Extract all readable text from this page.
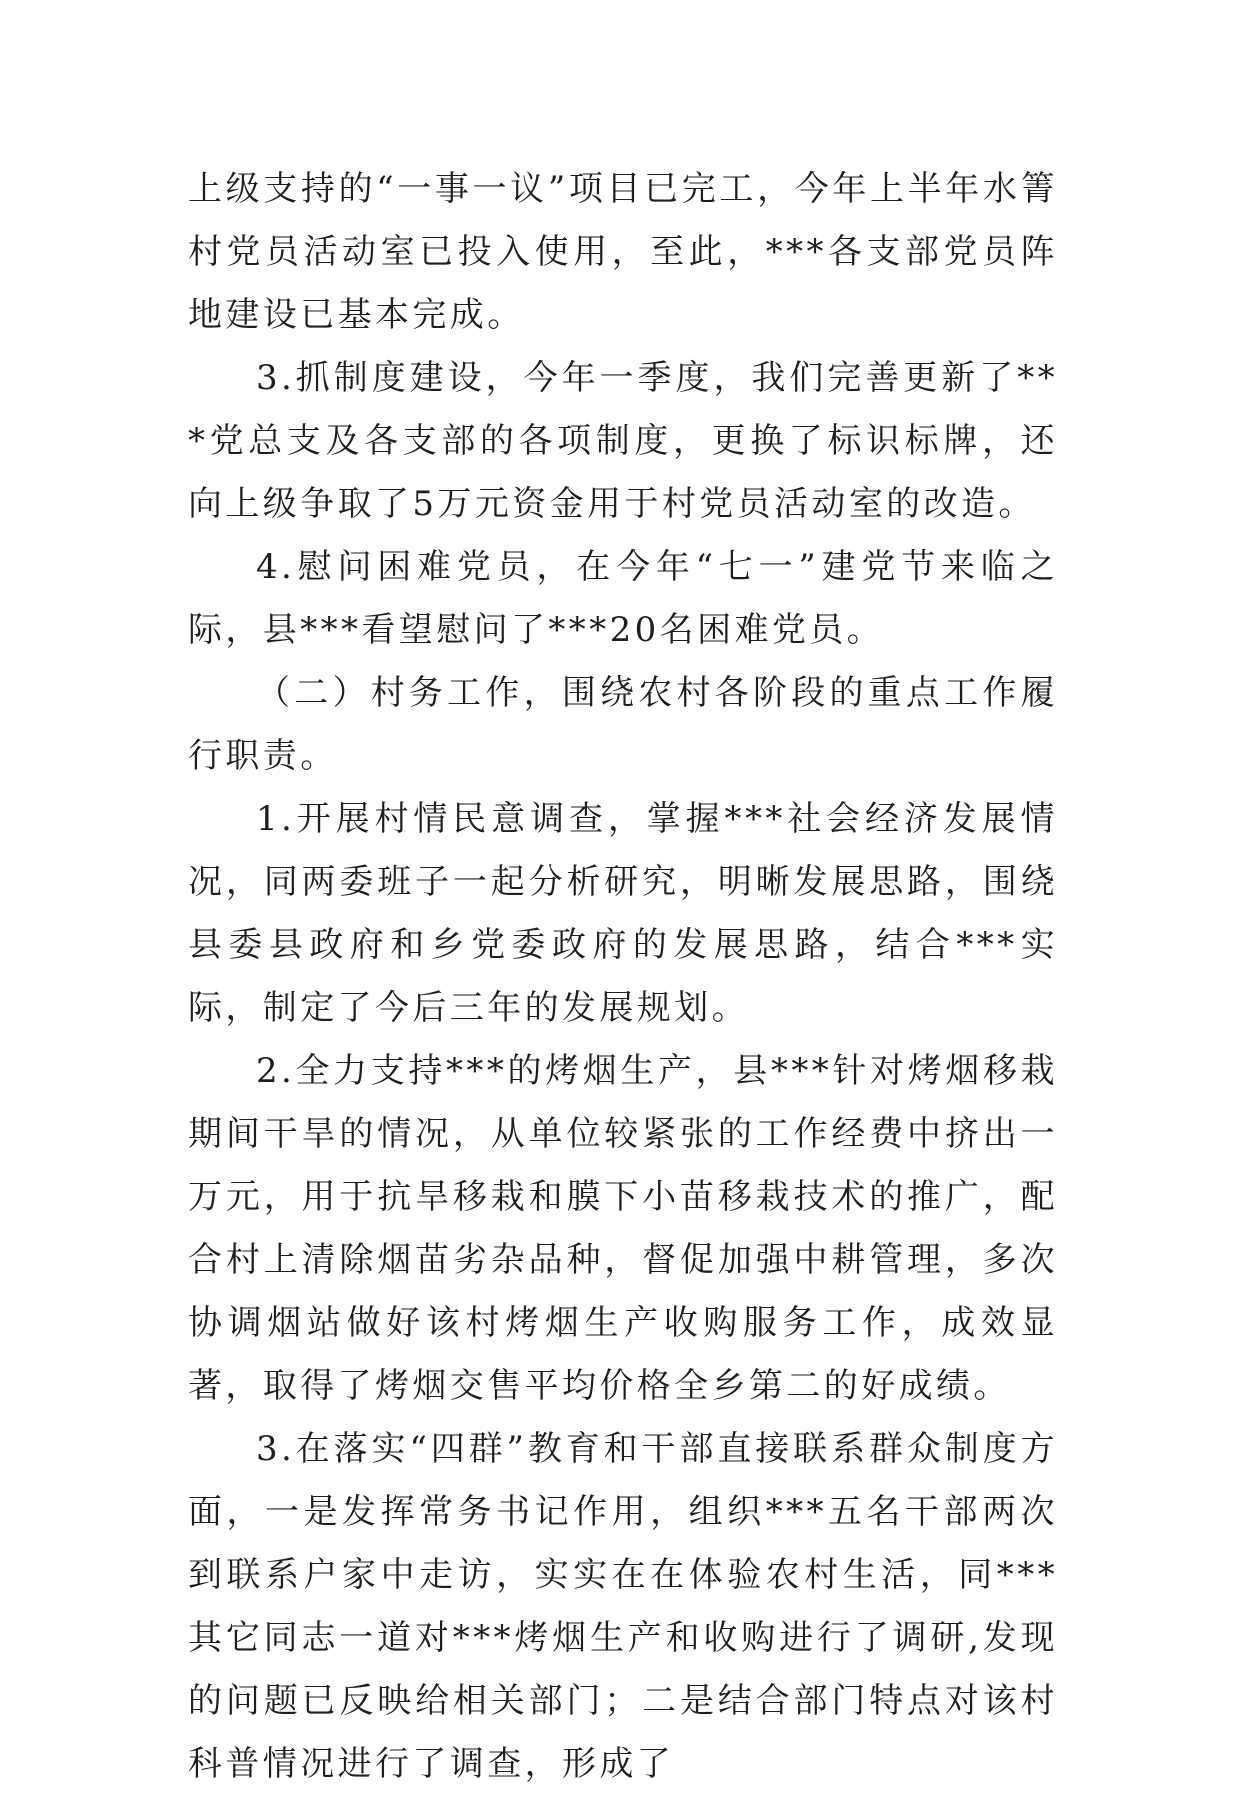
上级支持的“一事一议”项目已完工，今年上半年水箐村党员活动室已投入使用，至此，***各支部党员阵地建设已基本完成。

3.抓制度建设，今年一季度，我们完善更新了***党总支及各支部的各项制度，更换了标识标牌，还向上级争取了5万元资金用于村党员活动室的改造。

4.慰问困难党员，在今年“七一”建党节来临之际，县***看望慰问了***20名困难党员。

（二）村务工作，围绕农村各阶段的重点工作履行职责。

1.开展村情民意调查，掌握***社会经济发展情况，同两委班子一起分析研究，明晰发展思路，围绕县委县政府和乡党委政府的发展思路，结合***实际，制定了今后三年的发展规划。

2.全力支持***的烤烟生产，县***针对烤烟移栽期间干旱的情况，从单位较紧张的工作经费中挤出一万元，用于抗旱移栽和膜下小苗移栽技术的推广，配合村上清除烟苗劣杂品种，督促加强中耕管理，多次协调烟站做好该村烤烟生产收购服务工作，成效显著，取得了烤烟交售平均价格全乡第二的好成绩。

3.在落实“四群”教育和干部直接联系群众制度方面，一是发挥常务书记作用，组织***五名干部两次到联系户家中走访，实实在在体验农村生活，同***其它同志一道对***烤烟生产和收购进行了调研,发现的问题已反映给相关部门；二是结合部门特点对该村科普情况进行了调查，形成了
